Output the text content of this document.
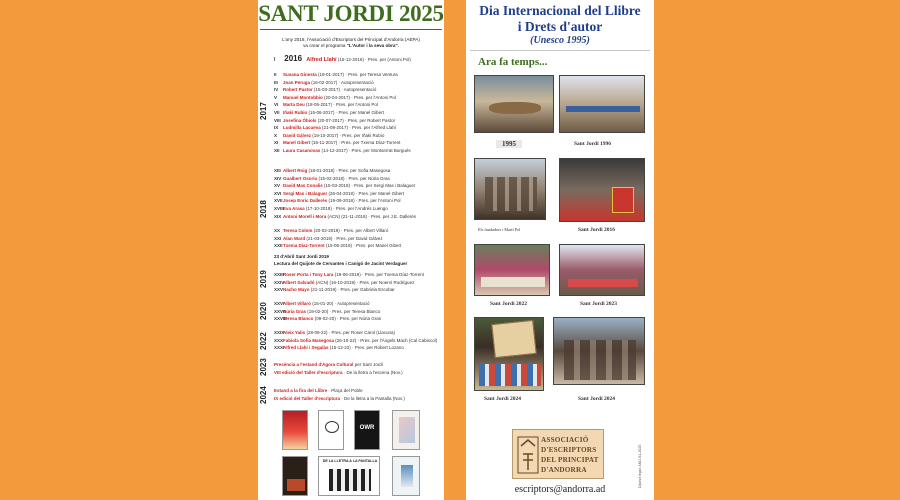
SANT JORDI 2025
L'any 2016, l'Associació d'Escriptors del Principat d'Andorra (AEPA)
va crear el programa "L'Autor i la seva obra".
I 2016 Alfred Llahí (15-12-2016) · Pres. per (Antoni Pol)
23 d'Abril Sant Jordi 2019
Lectura del Quijote de Cervantes i Canigó de Jacint Verdaguer
II Susana Ginesta (19-01-2017) · Pres. per Teresa Ventura
III Joan Peruga (16-02-2017) · Autopresentació
IV Robert Pastor (15-03-2017) · Autopresentació
V Manuel Montobbio (20-04-2017) · Pres. per l'Antoni Pol
VI Marta Deu (18-05-2017) · Pres. per l'Antoni Pol
VII Iñaki Rubio (15-06-2017) · Pres. per Manel Gibert
VIII Josefina Óbiols (20-07-2017) · Pres. per Robert Pastor
IX Ludmilla Lacueva (21-09-2017) · Pres. per l'Alfred Llahí
X David Gálvez (19-10-2017) · Pres. per Iñaki Rubio
XI Manel Gibert (15-11-2017) · Pres. per Txema Díaz-Torrent
XII Laura Casanovas (14-12-2017) · Pres. per Montserrat Burgués
XIII Albert Roig (18-01-2018) · Pres. per Sofia Masegosa
XIV Gualbert Osorio (15-02-2018) · Pres. per Núria Gras
XV David Mas Conalis (15-03-2018) · Pres. per Sergi Mas i Balaguer
XVI Sergi Mas i Balaguer (26-04-2018) · Pres. per Manel Gibert
XVIIJosep Enric Dallerès (19-09-2018) · Pres. per l'Antoni Pol
XVIIIEva Arasa (17-10-2018) · Pres. per l'Andrés Luengo
XIX Antoni Morell i Mora (ACN) (21-11-2018) · Pres. per J.E. Dallerès
XX Teresa Colom (20-02-2019) · Pres. per Albert Villaró
XXI Alan Ward (21-03-2019) · Pres. per David Gálvez
XXIITxema Díaz-Torrent (15-05-2019) · Pres. per Manel Gibert
XXIIIRoser Porta i Tony Lara (19-06-2019) · Pres. per Txema Díaz-Torrent
XXIVAlbert Salvadó (ACN) (16-10-2019) · Pres. per Noemí Rodríguez
XXVNacho Mayo (21-11-2019) · Pres. per Gabriela Escobar
XXVIAlbert Villaró (15-01-20) · Autopresentació
XXVIINúria Gras (19-02-20) · Pres. per Teresa Blanco
XXVIIITeresa Blanco (09-02-20) · Pres. per Núria Gras
XXIXAleix Yalis (28-09-22) · Pres. per Roser Carol (Llacuna)
XXXFabiola Sofia Masegosa (26-10-22) · Pres. per l'Àngels Mach (Cal Cabiscol)
XXXIAlfred Llahí i Segalàs (15-12-22) · Pres. per Robert Lozano
Presència a l'estand d'Àgora Cultural per Sant Jordi
VIII edició del Taller d'escriptura · De la lletra a l'escena (Nov.)
Estand a la fira del Llibre · Plaça del Poble
IX edició del Taller d'escriptura · De la lletra a la Pantalla (Nov.)
2017
2018
2019
2020
2022
2023
2024
OWR
DE LA LLETRA A LA PANTALLA
Dia Internacional del Llibre
i Drets d'autor
(Unesco 1995)
Ara fa temps...
1995	Sant Jordi 1996
Els fundadors i Martí Pol	Sant Jordi 2016
Sant Jordi 2022	Sant Jordi 2023
Sant Jordi 2024	Sant Jordi 2024
ASSOCIACIÓ
D'ESCRIPTORS
DEL PRINCIPAT
D'ANDORRA	Dipòsit legal: AND-51-2025
escriptors@andorra.ad
